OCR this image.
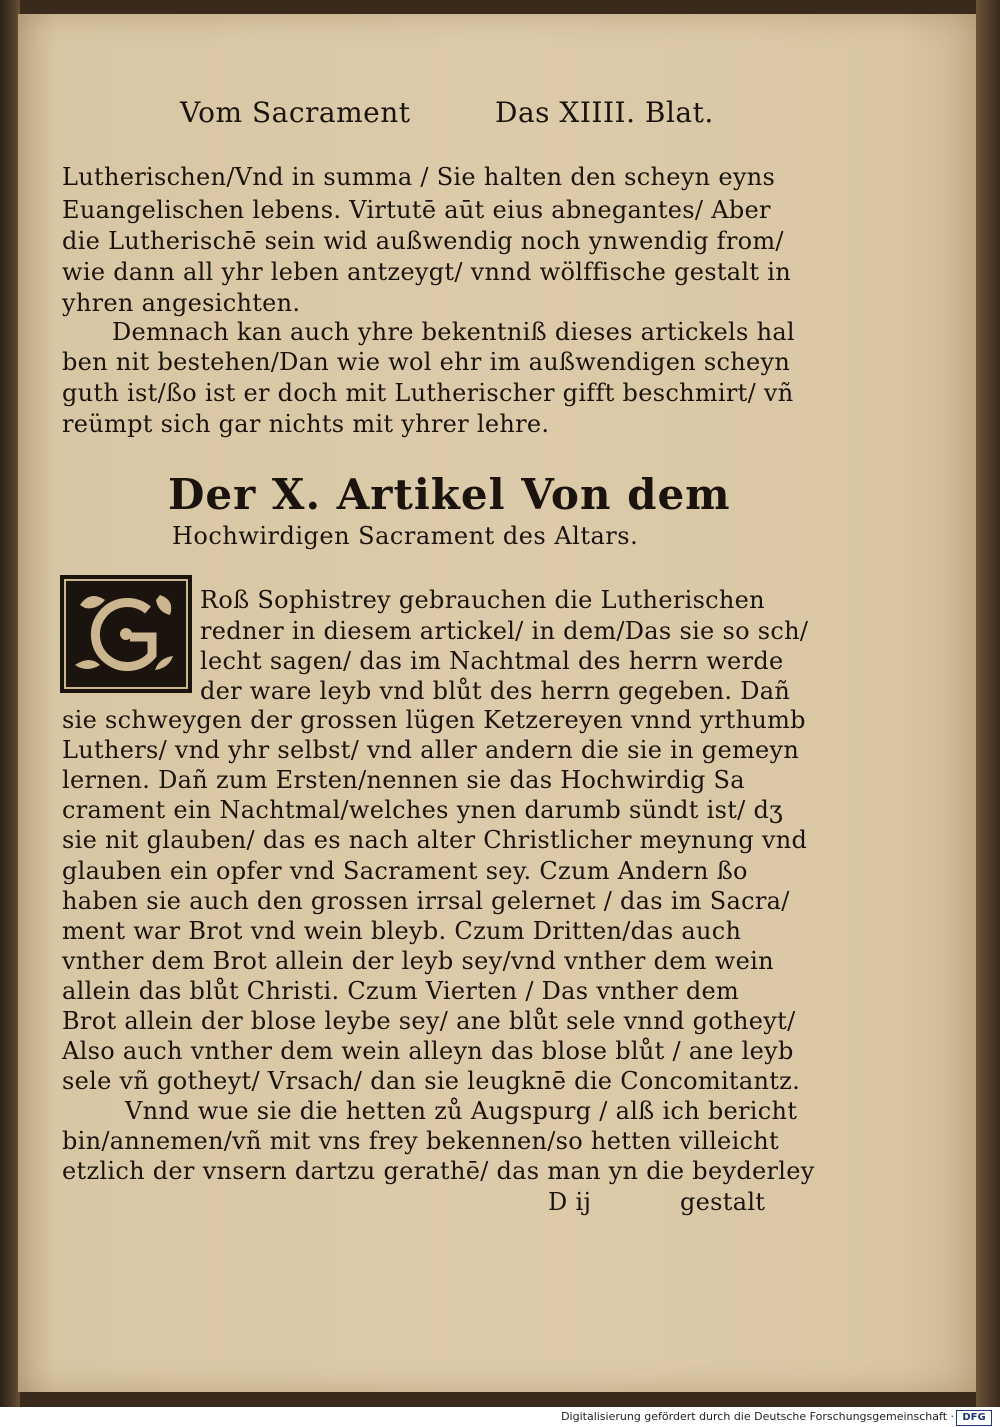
Vom Sacrament	Das XIIII. Blat.
Lutherischen/Vnd in summa / Sie halten den scheyn eyns
Euangelischen lebens. Virtutē aūt eius abnegantes/ Aber
die Lutherischē sein wid außwendig noch ynwendig from/
wie dann all yhr leben antzeygt/ vnnd wölffische gestalt in
yhren angesichten.
Demnach kan auch yhre bekentniß dieses artickels hal
ben nit bestehen/Dan wie wol ehr im außwendigen scheyn
guth ist/ßo ist er doch mit Lutherischer gifft beschmirt/ vñ
reümpt sich gar nichts mit yhrer lehre.
Der X. Artikel Von dem
Hochwirdigen Sacrament des Altars.
Roß Sophistrey gebrauchen die Lutherischen
redner in diesem artickel/ in dem/Das sie so sch/
lecht sagen/ das im Nachtmal des herrn werde
der ware leyb vnd blůt des herrn gegeben. Dañ
sie schweygen der grossen lügen Ketzereyen vnnd yrthumb
Luthers/ vnd yhr selbst/ vnd aller andern die sie in gemeyn
lernen. Dañ zum Ersten/nennen sie das Hochwirdig Sa
crament ein Nachtmal/welches ynen darumb sündt ist/ dʒ
sie nit glauben/ das es nach alter Christlicher meynung vnd
glauben ein opfer vnd Sacrament sey. Czum Andern ßo
haben sie auch den grossen irrsal gelernet / das im Sacra/
ment war Brot vnd wein bleyb. Czum Dritten/das auch
vnther dem Brot allein der leyb sey/vnd vnther dem wein
allein das blůt Christi. Czum Vierten / Das vnther dem
Brot allein der blose leybe sey/ ane blůt sele vnnd gotheyt/
Also auch vnther dem wein alleyn das blose blůt / ane leyb
sele vñ gotheyt/ Vrsach/ dan sie leugknē die Concomitantz.
Vnnd wue sie die hetten zů Augspurg / alß ich bericht
bin/annemen/vñ mit vns frey bekennen/so hetten villeicht
etzlich der vnsern dartzu gerathē/ das man yn die beyderley
D ij	gestalt
Digitalisierung gefördert durch die Deutsche Forschungsgemeinschaft · DFG
